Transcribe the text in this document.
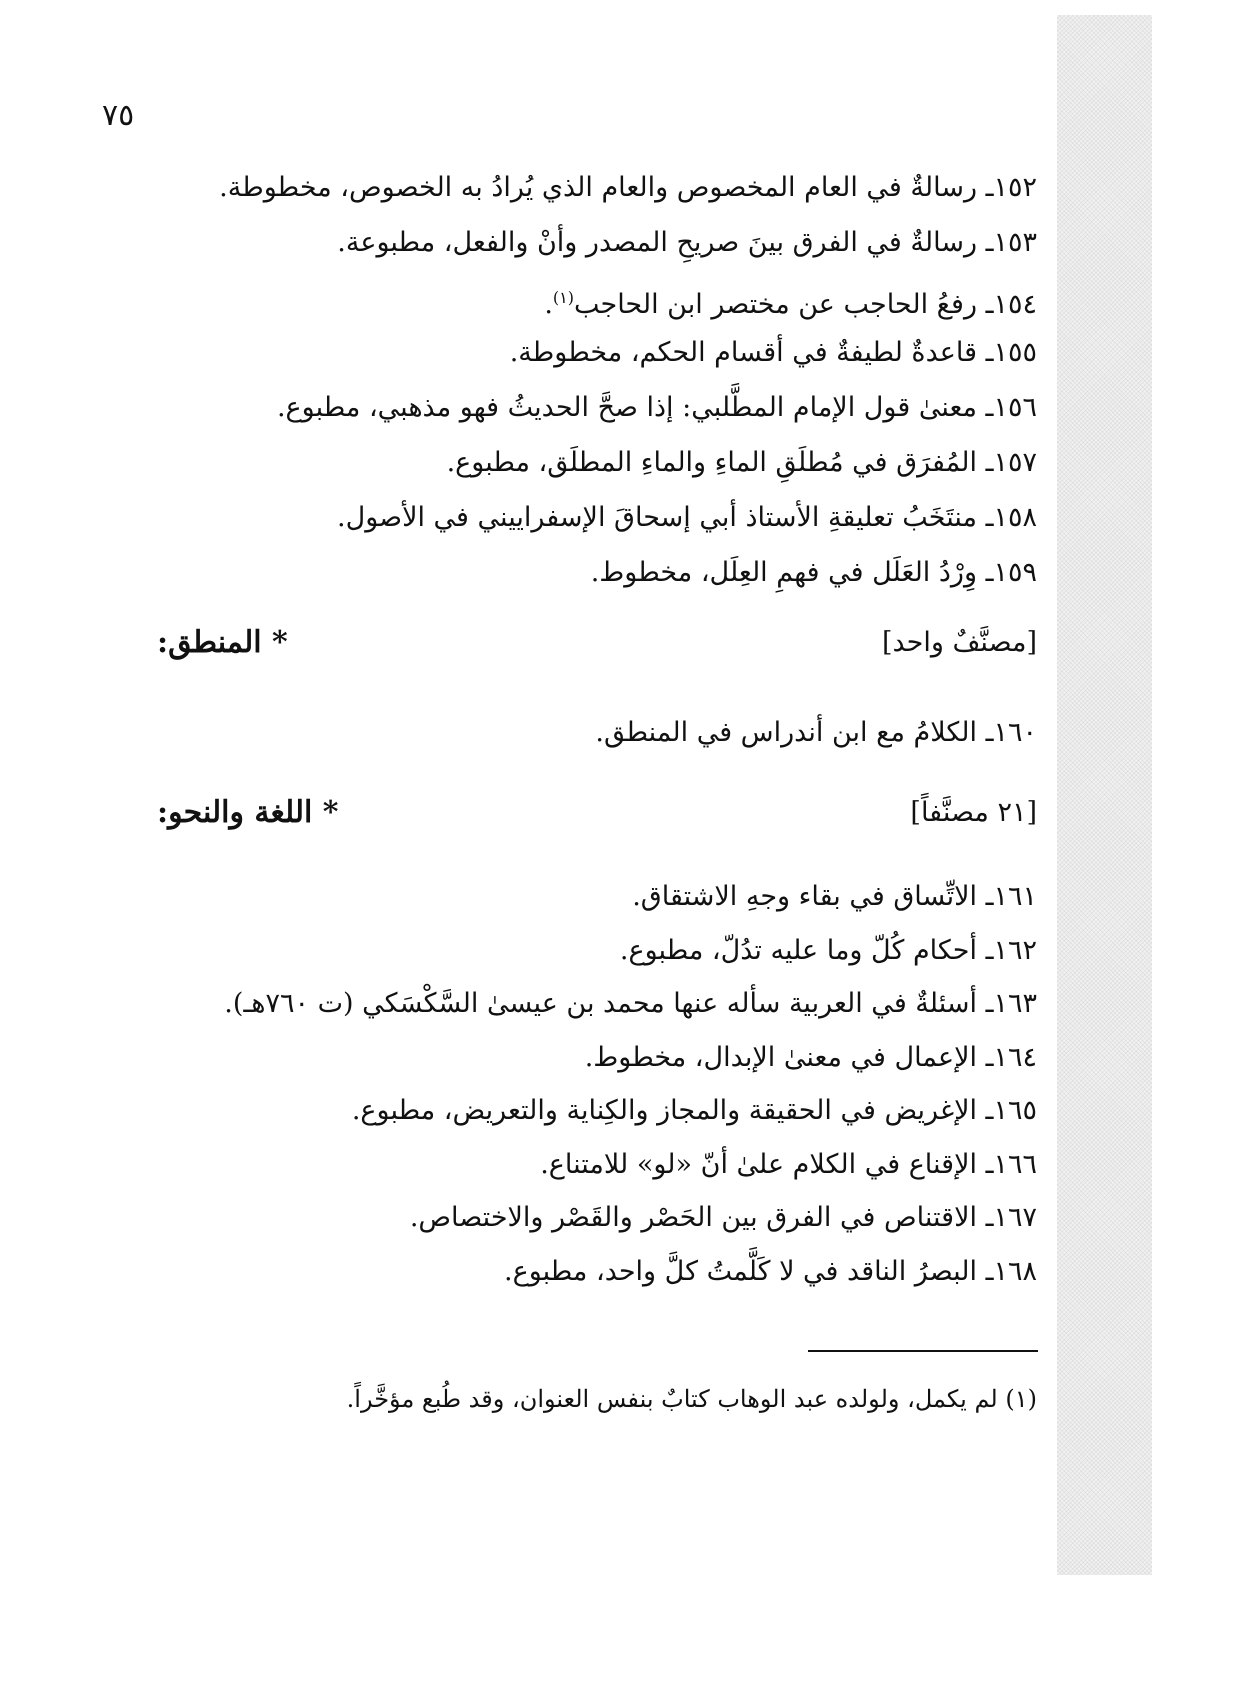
٧٥
١٥٢ـ رسالةٌ في العام المخصوص والعام الذي يُرادُ به الخصوص، مخطوطة.
١٥٣ـ رسالةٌ في الفرق بينَ صريحِ المصدر وأنْ والفعل، مطبوعة.
١٥٤ـ رفعُ الحاجب عن مختصر ابن الحاجب$^{(١)}$.
١٥٥ـ قاعدةٌ لطيفةٌ في أقسام الحكم، مخطوطة.
١٥٦ـ معنىٰ قول الإمام المطَّلبي: إذا صحَّ الحديثُ فهو مذهبي، مطبوع.
١٥٧ـ المُفرَق في مُطلَقِ الماءِ والماءِ المطلَق، مطبوع.
١٥٨ـ منتَخَبُ تعليقةِ الأستاذ أبي إسحاقَ الإسفراييني في الأصول.
١٥٩ـ وِرْدُ العَلَل في فهمِ العِلَل، مخطوط.
* المنطق:	[مصنَّفٌ واحد]
١٦٠ـ الكلامُ مع ابن أندراس في المنطق.
* اللغة والنحو:	[٢١ مصنَّفاً]
١٦١ـ الاتِّساق في بقاء وجهِ الاشتقاق.
١٦٢ـ أحكام كُلّ وما عليه تدُلّ، مطبوع.
١٦٣ـ أسئلةٌ في العربية سأله عنها محمد بن عيسىٰ السَّكْسَكي (ت ٧٦٠هـ).
١٦٤ـ الإعمال في معنىٰ الإبدال، مخطوط.
١٦٥ـ الإغريض في الحقيقة والمجاز والكِناية والتعريض، مطبوع.
١٦٦ـ الإقناع في الكلام علىٰ أنّ «لو» للامتناع.
١٦٧ـ الاقتناص في الفرق بين الحَصْر والقَصْر والاختصاص.
١٦٨ـ البصرُ الناقد في لا كَلَّمتُ كلَّ واحد، مطبوع.
(١) لم يكمل، ولولده عبد الوهاب كتابٌ بنفس العنوان، وقد طُبع مؤخَّراً.
